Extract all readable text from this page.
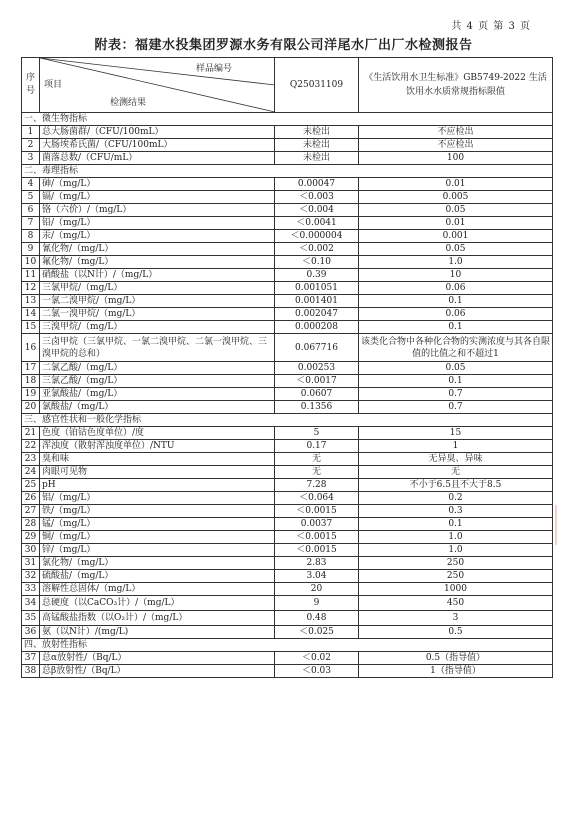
共 4 页 第 3 页
附表：福建水投集团罗源水务有限公司洋尾水厂出厂水检测报告
序号	样品编号
项目
检测结果	Q25031109	《生活饮用水卫生标准》GB5749-2022 生活饮用水水质常规指标限值
一、微生物指标			
1	总大肠菌群/（CFU/100mL）	未检出	不应检出
2	大肠埃希氏菌/（CFU/100mL）	未检出	不应检出
3	菌落总数/（CFU/mL）	未检出	100
二、毒理指标			
4	砷/（mg/L）	0.00047	0.01
5	镉/（mg/L）	＜0.003	0.005
6	铬（六价）/（mg/L）	＜0.004	0.05
7	铅/（mg/L）	＜0.0041	0.01
8	汞/（mg/L）	＜0.000004	0.001
9	氰化物/（mg/L）	＜0.002	0.05
10	氟化物/（mg/L）	＜0.10	1.0
11	硝酸盐（以N计）/（mg/L）	0.39	10
12	三氯甲烷/（mg/L）	0.001051	0.06
13	一氯二溴甲烷/（mg/L）	0.001401	0.1
14	二氯一溴甲烷/（mg/L）	0.002047	0.06
15	三溴甲烷/（mg/L）	0.000208	0.1
16	三卤甲烷（三氯甲烷、一氯二溴甲烷、二氯一溴甲烷、三溴甲烷的总和）	0.067716	该类化合物中各种化合物的实测浓度与其各自限值的比值之和不超过1
17	二氯乙酸/（mg/L）	0.00253	0.05
18	三氯乙酸/（mg/L）	＜0.0017	0.1
19	亚氯酸盐/（mg/L）	0.0607	0.7
20	氯酸盐/（mg/L）	0.1356	0.7
三、感官性状和一般化学指标			
21	色度（铂钴色度单位）/度	5	15
22	浑浊度（散射浑浊度单位）/NTU	0.17	1
23	臭和味	无	无异臭、异味
24	肉眼可见物	无	无
25	pH	7.28	不小于6.5且不大于8.5
26	铝/（mg/L）	＜0.064	0.2
27	铁/（mg/L）	＜0.0015	0.3
28	锰/（mg/L）	0.0037	0.1
29	铜/（mg/L）	＜0.0015	1.0
30	锌/（mg/L）	＜0.0015	1.0
31	氯化物/（mg/L）	2.83	250
32	硫酸盐/（mg/L）	3.04	250
33	溶解性总固体/（mg/L）	20	1000
34	总硬度（以CaCO₃计）/（mg/L）	9	450
35	高锰酸盐指数（以O₂计）/（mg/L）	0.48	3
36	氨（以N计）/(mg/L)	＜0.025	0.5
四、放射性指标			
37	总α放射性/（Bq/L）	＜0.02	0.5（指导值）
38	总β放射性/（Bq/L）	＜0.03	1（指导值）
